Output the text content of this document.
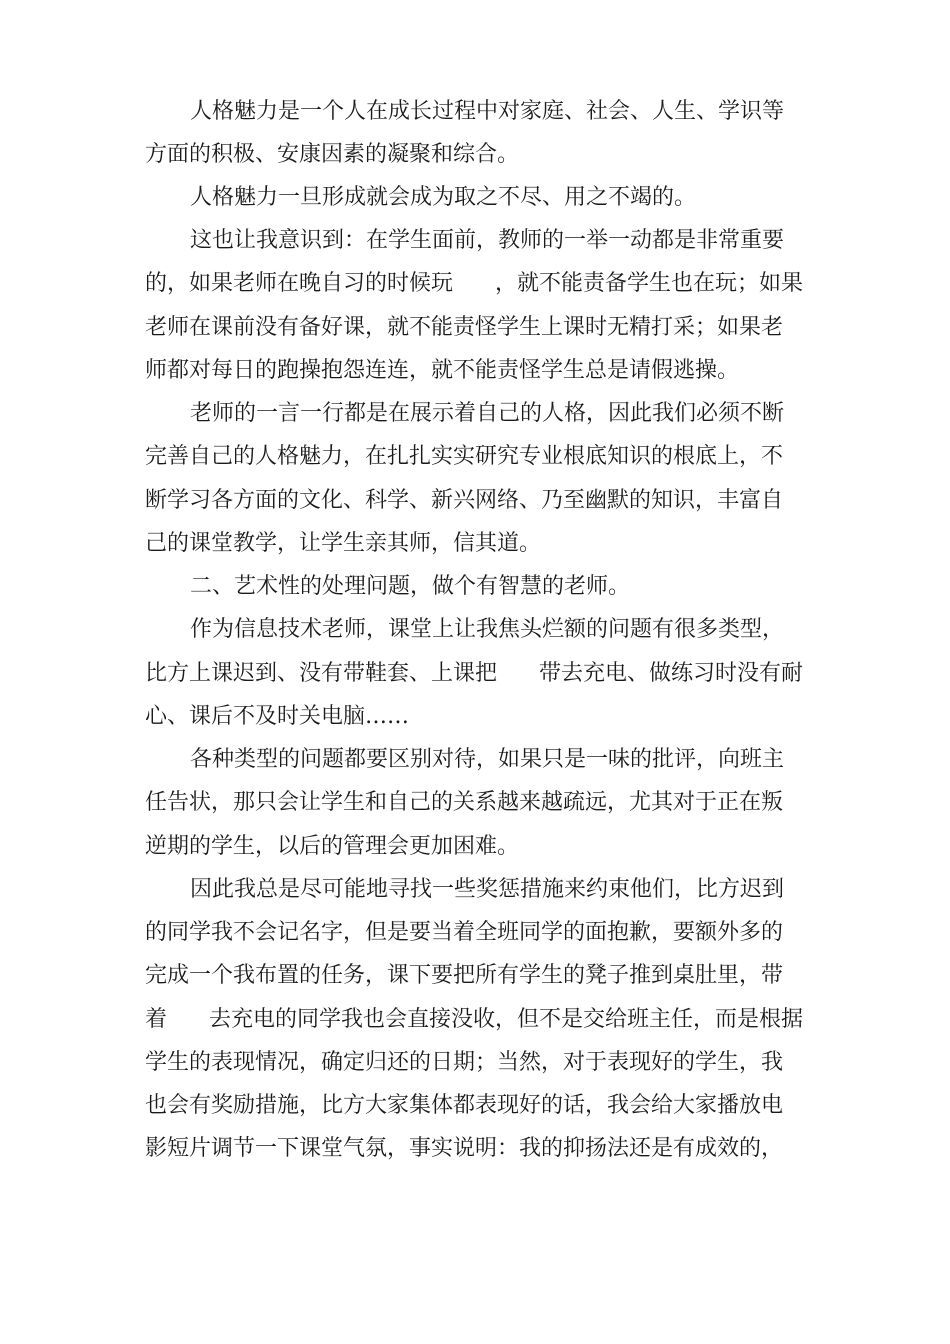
人格魅力是一个人在成长过程中对家庭、社会、人生、学识等
方面的积极、安康因素的凝聚和综合。
人格魅力一旦形成就会成为取之不尽、用之不竭的。
这也让我意识到：在学生面前，教师的一举一动都是非常重要
的，如果老师在晚自习的时候玩      ，就不能责备学生也在玩；如果
老师在课前没有备好课，就不能责怪学生上课时无精打采；如果老
师都对每日的跑操抱怨连连，就不能责怪学生总是请假逃操。
老师的一言一行都是在展示着自己的人格，因此我们必须不断
完善自己的人格魅力，在扎扎实实研究专业根底知识的根底上，不
断学习各方面的文化、科学、新兴网络、乃至幽默的知识，丰富自
己的课堂教学，让学生亲其师，信其道。
二、艺术性的处理问题，做个有智慧的老师。
作为信息技术老师，课堂上让我焦头烂额的问题有很多类型，
比方上课迟到、没有带鞋套、上课把      带去充电、做练习时没有耐
心、课后不及时关电脑……
各种类型的问题都要区别对待，如果只是一味的批评，向班主
任告状，那只会让学生和自己的关系越来越疏远，尤其对于正在叛
逆期的学生，以后的管理会更加困难。
因此我总是尽可能地寻找一些奖惩措施来约束他们，比方迟到
的同学我不会记名字，但是要当着全班同学的面抱歉，要额外多的
完成一个我布置的任务，课下要把所有学生的凳子推到桌肚里，带
着      去充电的同学我也会直接没收，但不是交给班主任，而是根据
学生的表现情况，确定归还的日期；当然，对于表现好的学生，我
也会有奖励措施，比方大家集体都表现好的话，我会给大家播放电
影短片调节一下课堂气氛，事实说明：我的抑扬法还是有成效的，
